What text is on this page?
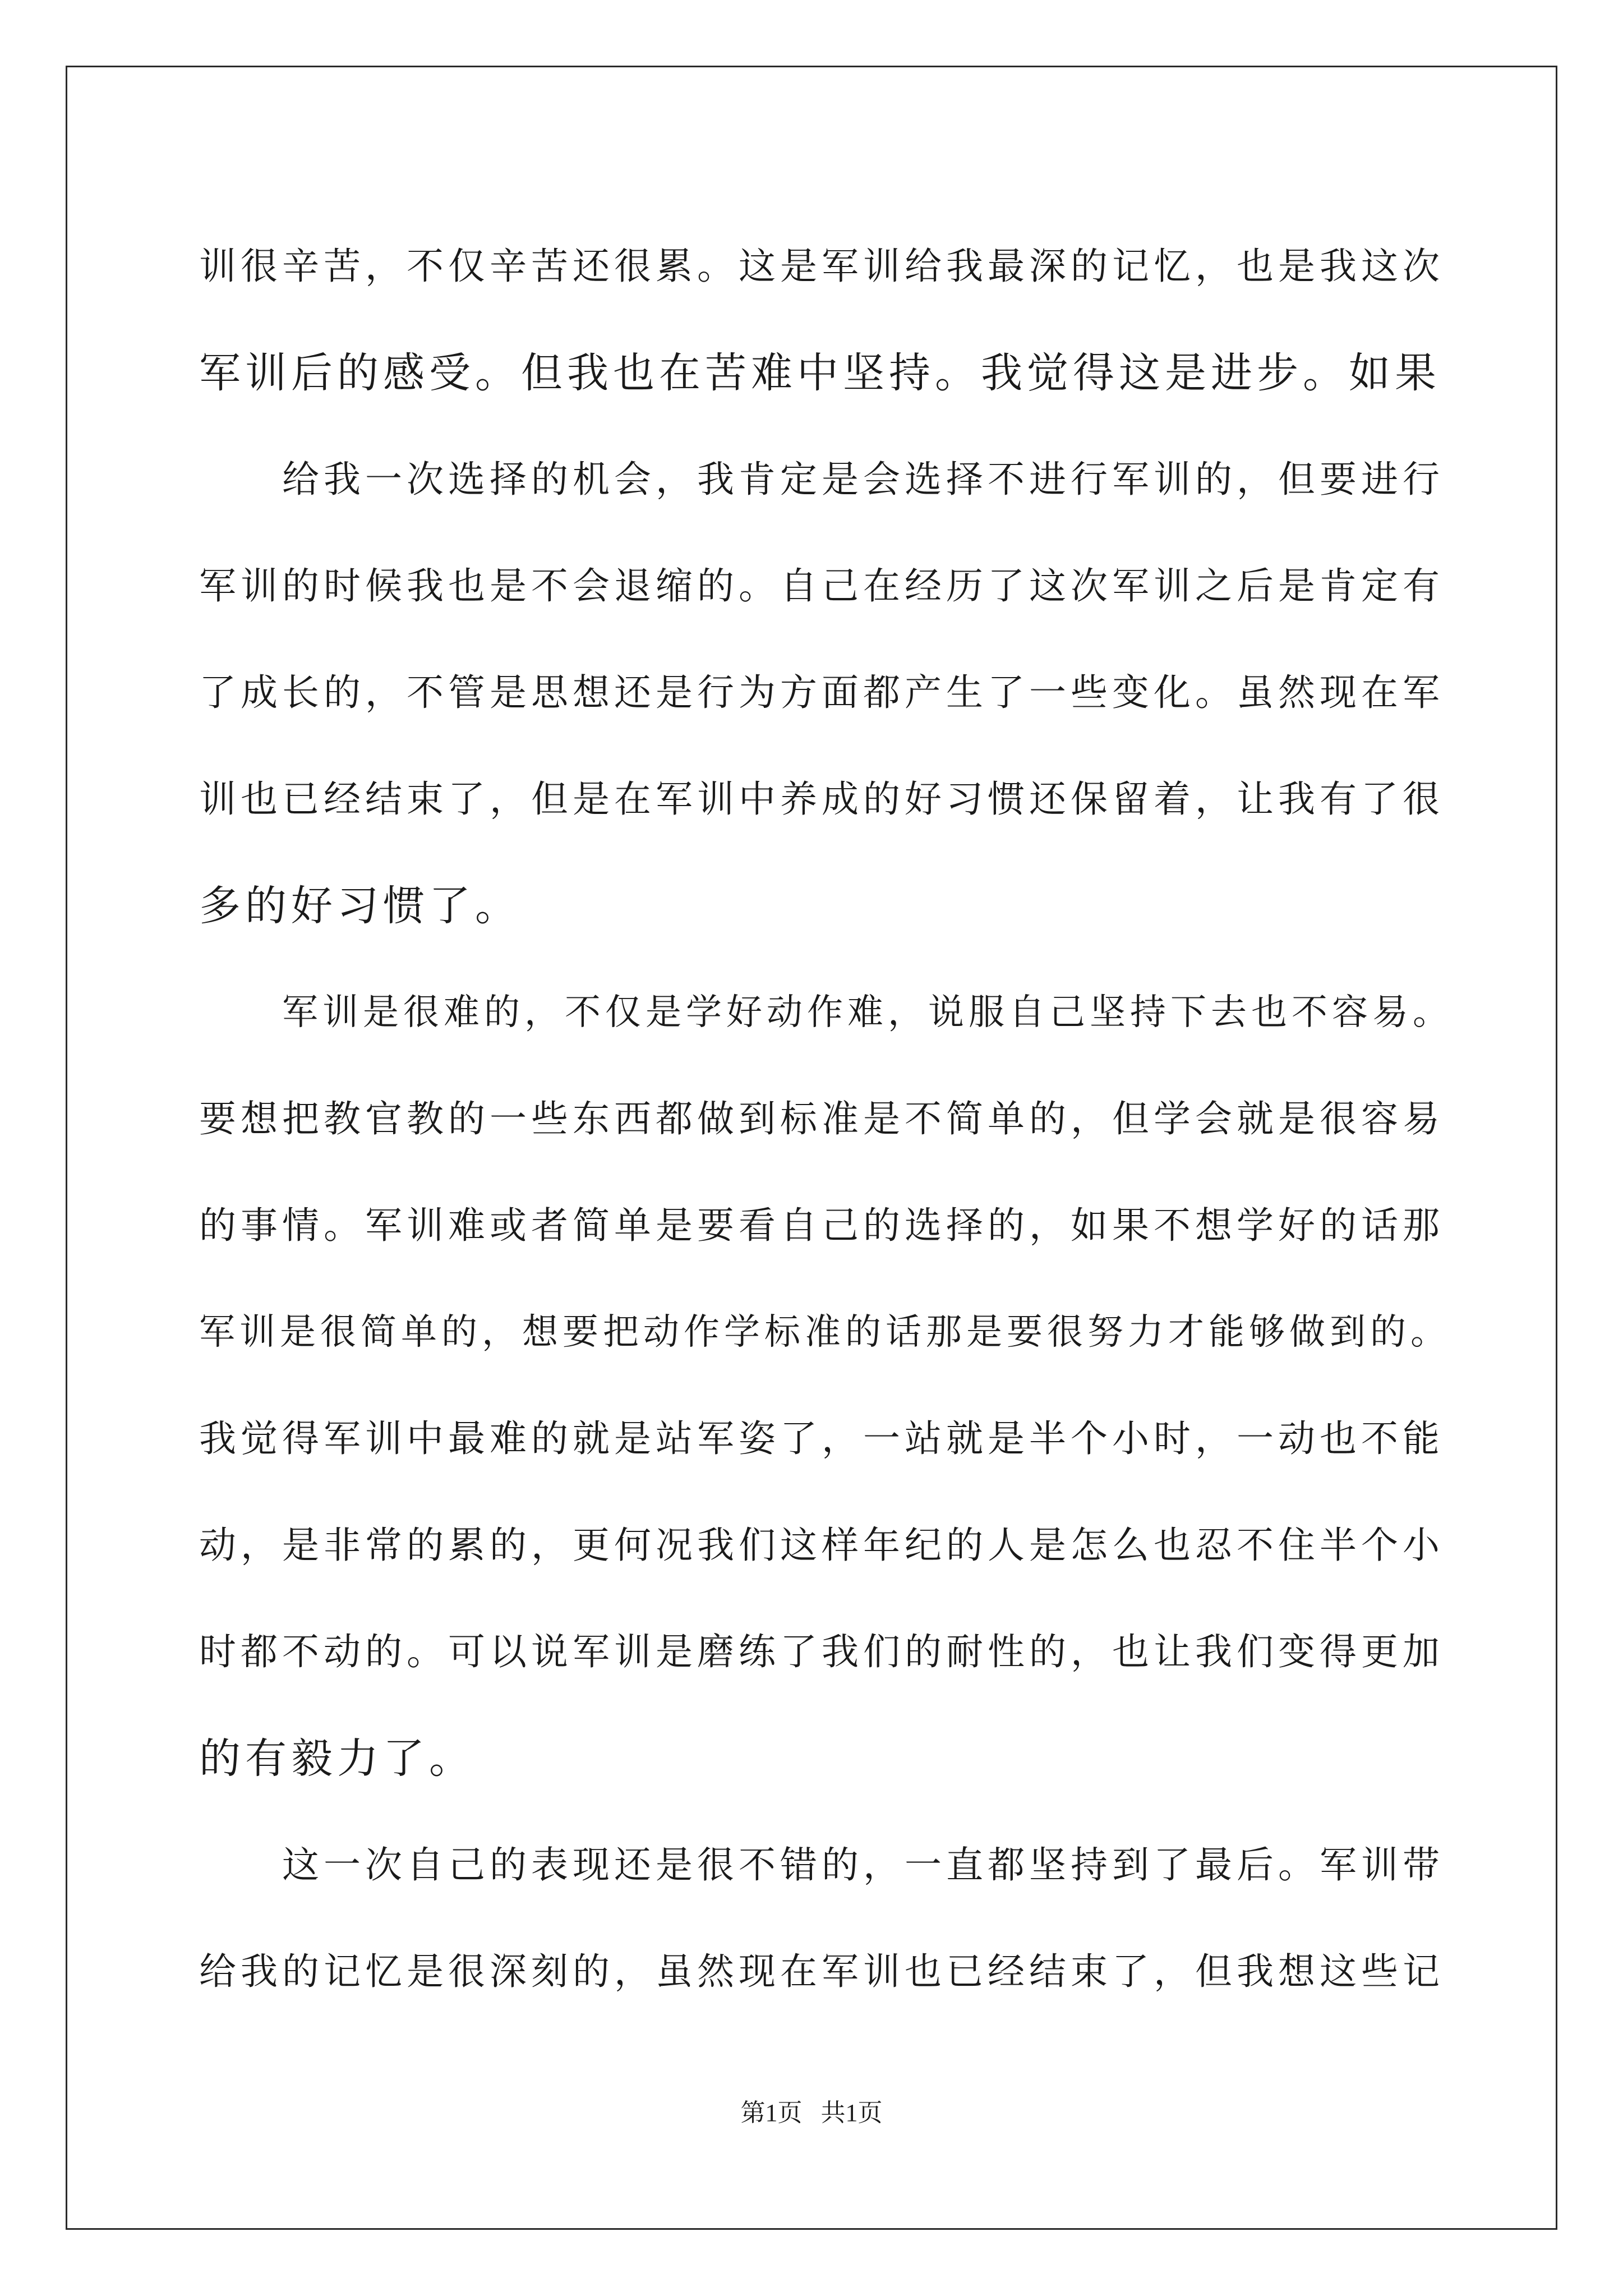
训很辛苦，不仅辛苦还很累。这是军训给我最深的记忆，也是我这次
军训后的感受。但我也在苦难中坚持。我觉得这是进步。如果
给我一次选择的机会，我肯定是会选择不进行军训的，但要进行
军训的时候我也是不会退缩的。自己在经历了这次军训之后是肯定有
了成长的，不管是思想还是行为方面都产生了一些变化。虽然现在军
训也已经结束了，但是在军训中养成的好习惯还保留着，让我有了很
多的好习惯了。
军训是很难的，不仅是学好动作难，说服自己坚持下去也不容易。
要想把教官教的一些东西都做到标准是不简单的，但学会就是很容易
的事情。军训难或者简单是要看自己的选择的，如果不想学好的话那
军训是很简单的，想要把动作学标准的话那是要很努力才能够做到的。
我觉得军训中最难的就是站军姿了，一站就是半个小时，一动也不能
动，是非常的累的，更何况我们这样年纪的人是怎么也忍不住半个小
时都不动的。可以说军训是磨练了我们的耐性的，也让我们变得更加
的有毅力了。
这一次自己的表现还是很不错的，一直都坚持到了最后。军训带
给我的记忆是很深刻的，虽然现在军训也已经结束了，但我想这些记
第1页   共1页
